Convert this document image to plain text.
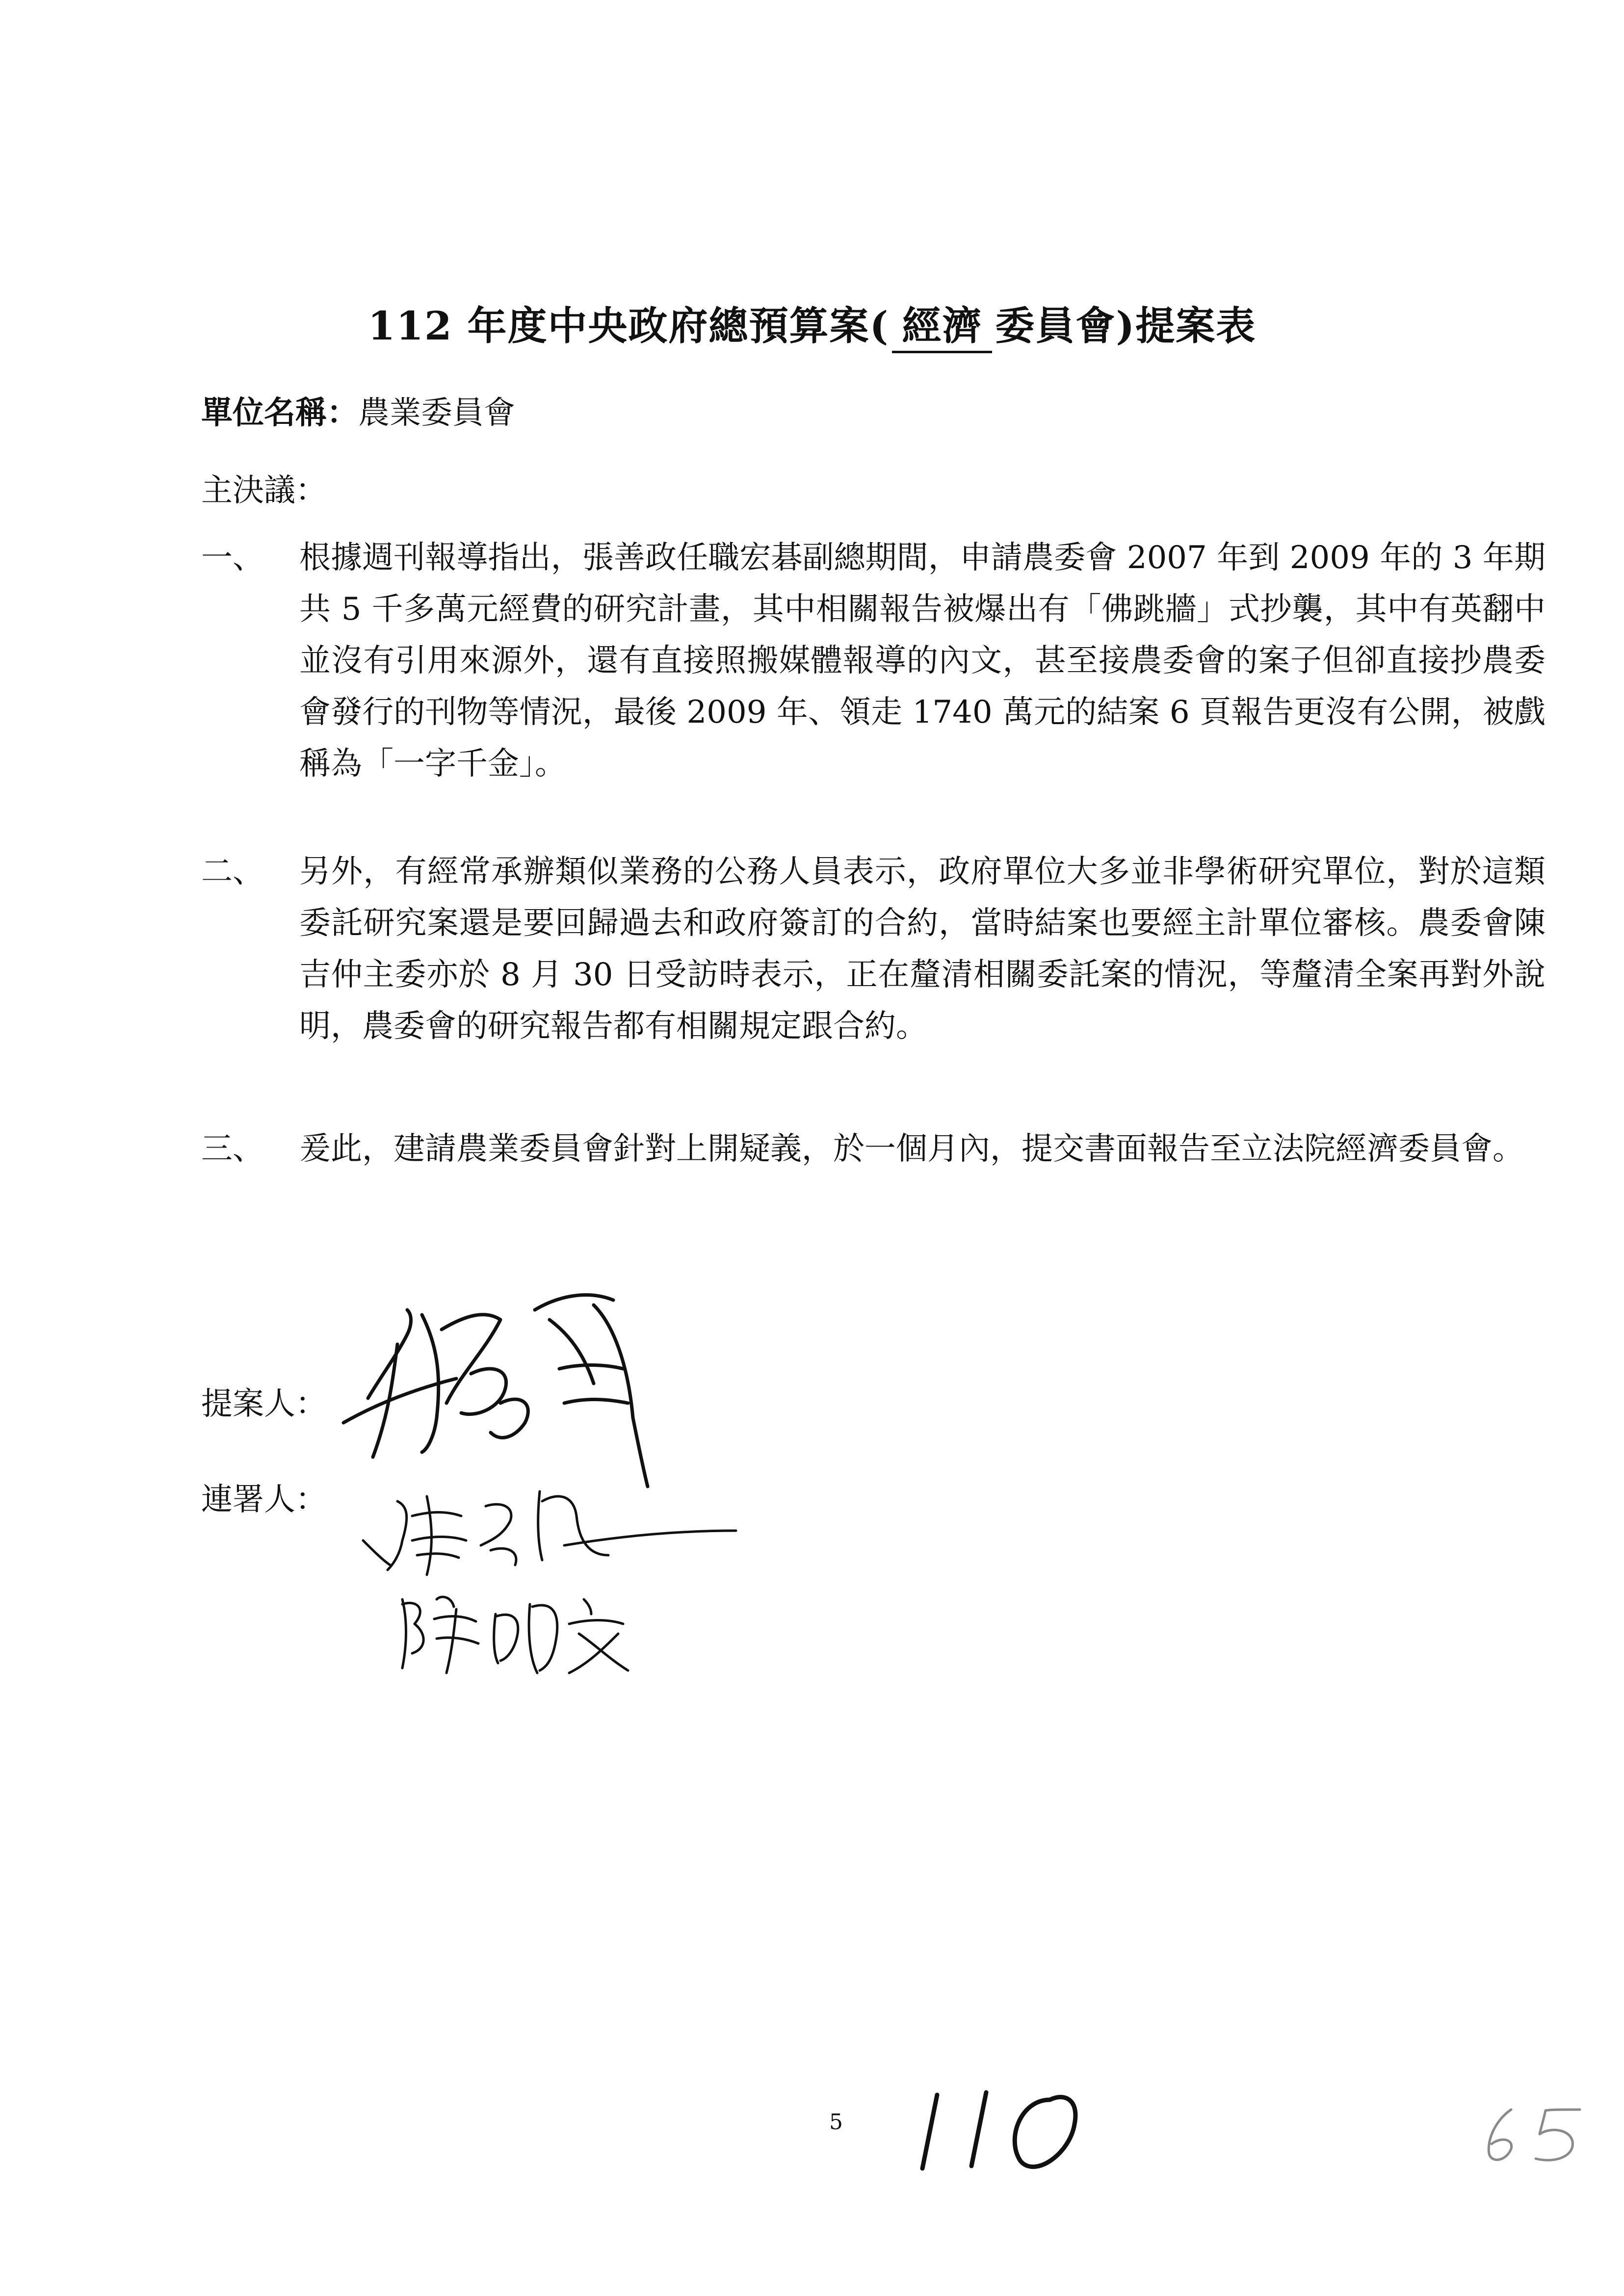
112 年度中央政府總預算案( 經濟 委員會)提案表
單位名稱：農業委員會
主決議：
一、	根據週刊報導指出，張善政任職宏碁副總期間，申請農委會 2007 年到 2009 年的 3 年期共 5 千多萬元經費的研究計畫，其中相關報告被爆出有「佛跳牆」式抄襲，其中有英翻中並沒有引用來源外，還有直接照搬媒體報導的內文，甚至接農委會的案子但卻直接抄農委會發行的刊物等情況，最後 2009 年、領走 1740 萬元的結案 6 頁報告更沒有公開，被戲稱為「一字千金」。
二、	另外，有經常承辦類似業務的公務人員表示，政府單位大多並非學術研究單位，對於這類委託研究案還是要回歸過去和政府簽訂的合約，當時結案也要經主計單位審核。農委會陳吉仲主委亦於 8 月 30 日受訪時表示，正在釐清相關委託案的情況，等釐清全案再對外說明，農委會的研究報告都有相關規定跟合約。
三、	爰此，建請農業委員會針對上開疑義，於一個月內，提交書面報告至立法院經濟委員會。
提案人：
連署人：
5
